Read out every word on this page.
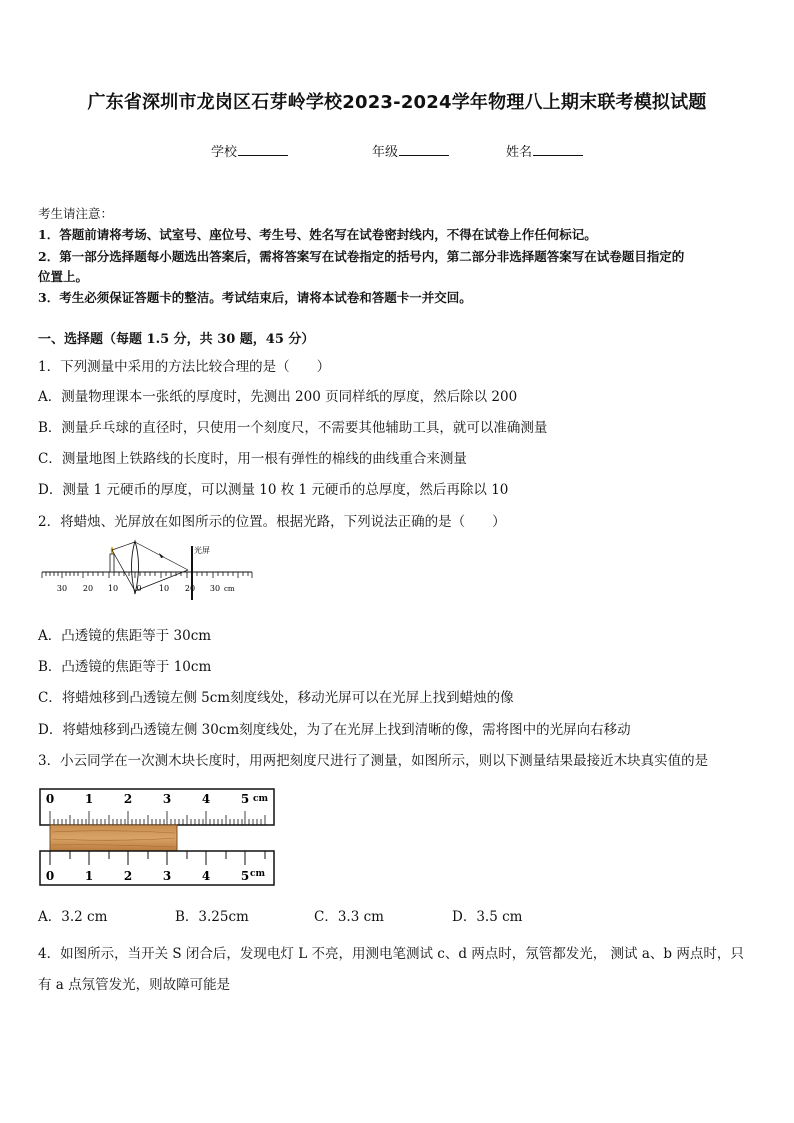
广东省深圳市龙岗区石芽岭学校2023-2024学年物理八上期末联考模拟试题
学校	年级	姓名
考生请注意：
1．答题前请将考场、试室号、座位号、考生号、姓名写在试卷密封线内，不得在试卷上作任何标记。
2．第一部分选择题每小题选出答案后，需将答案写在试卷指定的括号内，第二部分非选择题答案写在试卷题目指定的
位置上。
3．考生必须保证答题卡的整洁。考试结束后，请将本试卷和答题卡一并交回。
一、选择题（每题 1.5 分，共 30 题，45 分）
1．下列测量中采用的方法比较合理的是（　　）
A．测量物理课本一张纸的厚度时，先测出 200 页同样纸的厚度，然后除以 200
B．测量乒乓球的直径时，只使用一个刻度尺，不需要其他辅助工具，就可以准确测量
C．测量地图上铁路线的长度时，用一根有弹性的棉线的曲线重合来测量
D．测量 1 元硬币的厚度，可以测量 10 枚 1 元硬币的总厚度，然后再除以 10
2．将蜡烛、光屏放在如图所示的位置。根据光路，下列说法正确的是（　　）
30 20 10 0 10 20 30 cm
光屏
A．凸透镜的焦距等于 30cm
B．凸透镜的焦距等于 10cm
C．将蜡烛移到凸透镜左侧 5cm刻度线处，移动光屏可以在光屏上找到蜡烛的像
D．将蜡烛移到凸透镜左侧 30cm刻度线处，为了在光屏上找到清晰的像，需将图中的光屏向右移动
3．小云同学在一次测木块长度时，用两把刻度尺进行了测量，如图所示，则以下测量结果最接近木块真实值的是
0	1	2	3	4	5 cm
0	1	2	3	4	5 cm
A．3.2 cm	B．3.25cm	C．3.3 cm	D．3.5 cm
4．如图所示，当开关 S 闭合后，发现电灯 L 不亮，用测电笔测试 c、d 两点时，氖管都发光， 测试 a、b 两点时，只
有 a 点氖管发光，则故障可能是
